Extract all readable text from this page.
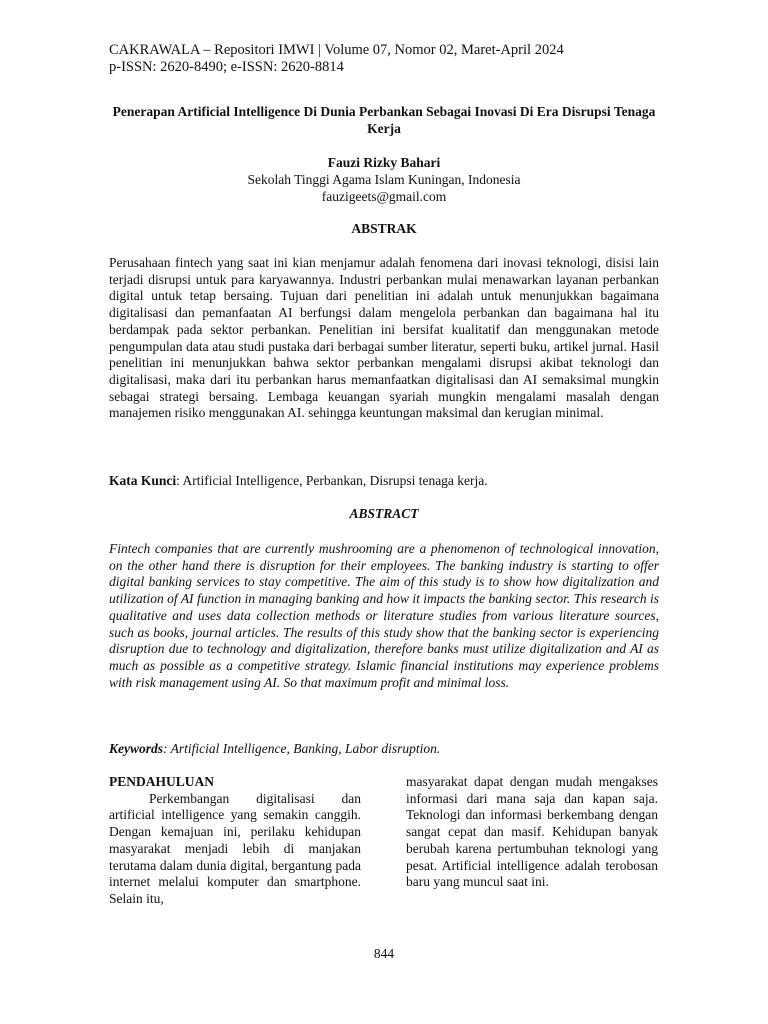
CAKRAWALA – Repositori IMWI | Volume 07, Nomor 02, Maret-April 2024
p-ISSN: 2620-8490; e-ISSN: 2620-8814
Penerapan Artificial Intelligence Di Dunia Perbankan Sebagai Inovasi Di Era Disrupsi Tenaga Kerja
Fauzi Rizky Bahari
Sekolah Tinggi Agama Islam Kuningan, Indonesia
fauzigeets@gmail.com
ABSTRAK

Perusahaan fintech yang saat ini kian menjamur adalah fenomena dari inovasi teknologi, disisi lain terjadi disrupsi untuk para karyawannya. Industri perbankan mulai menawarkan layanan perbankan digital untuk tetap bersaing. Tujuan dari penelitian ini adalah untuk menunjukkan bagaimana digitalisasi dan pemanfaatan AI berfungsi dalam mengelola perbankan dan bagaimana hal itu berdampak pada sektor perbankan. Penelitian ini bersifat kualitatif dan menggunakan metode pengumpulan data atau studi pustaka dari berbagai sumber literatur, seperti buku, artikel jurnal. Hasil penelitian ini menunjukkan bahwa sektor perbankan mengalami disrupsi akibat teknologi dan digitalisasi, maka dari itu perbankan harus memanfaatkan digitalisasi dan AI semaksimal mungkin sebagai strategi bersaing. Lembaga keuangan syariah mungkin mengalami masalah dengan manajemen risiko menggunakan AI. sehingga keuntungan maksimal dan kerugian minimal.

Kata Kunci: Artificial Intelligence, Perbankan, Disrupsi tenaga kerja.
ABSTRACT

Fintech companies that are currently mushrooming are a phenomenon of technological innovation, on the other hand there is disruption for their employees. The banking industry is starting to offer digital banking services to stay competitive. The aim of this study is to show how digitalization and utilization of AI function in managing banking and how it impacts the banking sector. This research is qualitative and uses data collection methods or literature studies from various literature sources, such as books, journal articles. The results of this study show that the banking sector is experiencing disruption due to technology and digitalization, therefore banks must utilize digitalization and AI as much as possible as a competitive strategy. Islamic financial institutions may experience problems with risk management using AI. So that maximum profit and minimal loss.

Keywords: Artificial Intelligence, Banking, Labor disruption.
PENDAHULUAN

Perkembangan digitalisasi dan artificial intelligence yang semakin canggih. Dengan kemajuan ini, perilaku kehidupan masyarakat menjadi lebih di manjakan terutama dalam dunia digital, bergantung pada internet melalui komputer dan smartphone. Selain itu,

masyarakat dapat dengan mudah mengakses informasi dari mana saja dan kapan saja. Teknologi dan informasi berkembang dengan sangat cepat dan masif. Kehidupan banyak berubah karena pertumbuhan teknologi yang pesat. Artificial intelligence adalah terobosan baru yang muncul saat ini.

844
